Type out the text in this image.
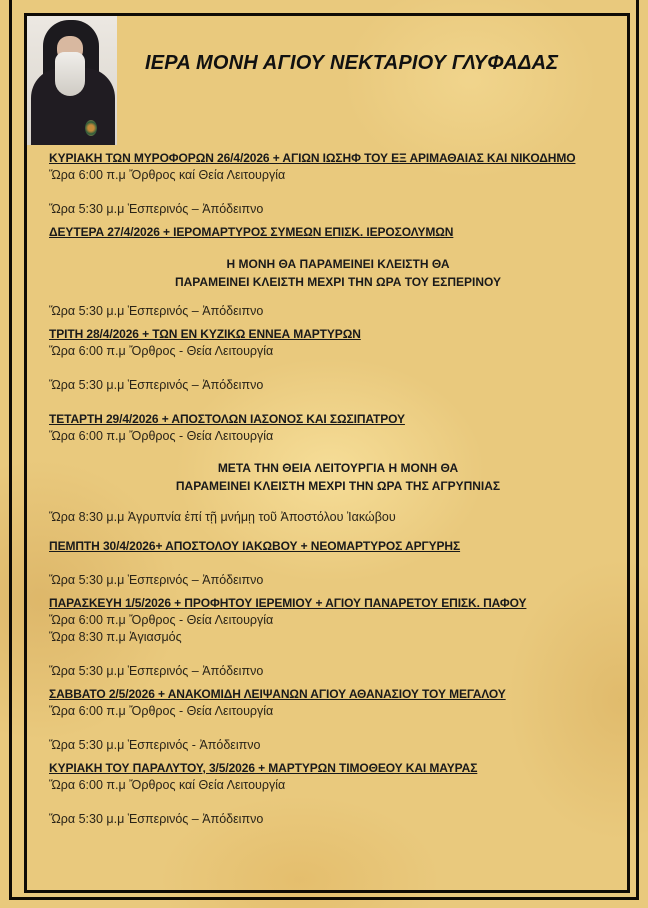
ΙΕΡΑ ΜΟΝΗ ΑΓΙΟΥ ΝΕΚΤΑΡΙΟΥ ΓΛΥΦΑΔΑΣ
ΚΥΡΙΑΚΗ ΤΩΝ ΜΥΡΟΦΟΡΩΝ 26/4/2026 + ΑΓΙΩΝ ΙΩΣΗΦ ΤΟΥ ΕΞ ΑΡΙΜΑΘΑΙΑΣ ΚΑΙ ΝΙΚΟΔΗΜΟ
Ὥρα 6:00 π.μ Ὄρθρος καί Θεία Λειτουργία
Ὥρα 5:30 μ.μ Ἑσπερινός – Ἀπόδειπνο
ΔΕΥΤΕΡΑ 27/4/2026 + ΙΕΡΟΜΑΡΤΥΡΟΣ ΣΥΜΕΩΝ ΕΠΙΣΚ. ΙΕΡΟΣΟΛΥΜΩΝ
Η ΜΟΝΗ ΘΑ ΠΑΡΑΜΕΙΝΕΙ ΚΛΕΙΣΤΗ ΘΑ
ΠΑΡΑΜΕΙΝΕΙ ΚΛΕΙΣΤΗ ΜΕΧΡΙ ΤΗΝ ΩΡΑ ΤΟΥ ΕΣΠΕΡΙΝΟΥ
Ὥρα 5:30 μ.μ Ἑσπερινός – Ἀπόδειπνο
ΤΡΙΤΗ 28/4/2026 + ΤΩΝ ΕΝ ΚΥΖΙΚΩ ΕΝΝΕΑ ΜΑΡΤΥΡΩΝ
Ὥρα 6:00 π.μ Ὄρθρος - Θεία Λειτουργία
Ὥρα 5:30 μ.μ Ἑσπερινός – Ἀπόδειπνο
ΤΕΤΑΡΤΗ 29/4/2026 + ΑΠΟΣΤΟΛΩΝ ΙΑΣΟΝΟΣ ΚΑΙ ΣΩΣΙΠΑΤΡΟΥ
Ὥρα 6:00 π.μ Ὄρθρος - Θεία Λειτουργία
ΜΕΤΑ ΤΗΝ ΘΕΙΑ ΛΕΙΤΟΥΡΓΙΑ Η ΜΟΝΗ ΘΑ
ΠΑΡΑΜΕΙΝΕΙ ΚΛΕΙΣΤΗ ΜΕΧΡΙ ΤΗΝ ΩΡΑ ΤΗΣ ΑΓΡΥΠΝΙΑΣ
Ὥρα 8:30 μ.μ Ἀγρυπνία ἐπί τῇ μνήμῃ τοῦ Ἀποστόλου Ἰακώβου
ΠΕΜΠΤΗ 30/4/2026+ ΑΠΟΣΤΟΛΟΥ ΙΑΚΩΒΟΥ + ΝΕΟΜΑΡΤΥΡΟΣ ΑΡΓΥΡΗΣ
Ὥρα 5:30 μ.μ Ἑσπερινός – Ἀπόδειπνο
ΠΑΡΑΣΚΕΥΗ 1/5/2026 + ΠΡΟΦΗΤΟΥ ΙΕΡΕΜΙΟΥ + ΑΓΙΟΥ ΠΑΝΑΡΕΤΟΥ ΕΠΙΣΚ. ΠΑΦΟΥ
Ὥρα 6:00 π.μ Ὄρθρος - Θεία Λειτουργία
Ὥρα 8:30 π.μ Ἁγιασμός
Ὥρα 5:30 μ.μ Ἑσπερινός – Ἀπόδειπνο
ΣΑΒΒΑΤΟ 2/5/2026 + ΑΝΑΚΟΜΙΔΗ ΛΕΙΨΑΝΩΝ ΑΓΙΟΥ ΑΘΑΝΑΣΙΟΥ ΤΟΥ ΜΕΓΑΛΟΥ
Ὥρα 6:00 π.μ Ὄρθρος - Θεία Λειτουργία
Ὥρα 5:30 μ.μ Ἑσπερινός - Ἀπόδειπνο
ΚΥΡΙΑΚΗ ΤΟΥ ΠΑΡΑΛΥΤΟΥ, 3/5/2026 + ΜΑΡΤΥΡΩΝ ΤΙΜΟΘΕΟΥ ΚΑΙ ΜΑΥΡΑΣ
Ὥρα 6:00 π.μ Ὄρθρος καί Θεία Λειτουργία
Ὥρα 5:30 μ.μ Ἑσπερινός – Ἀπόδειπνο
